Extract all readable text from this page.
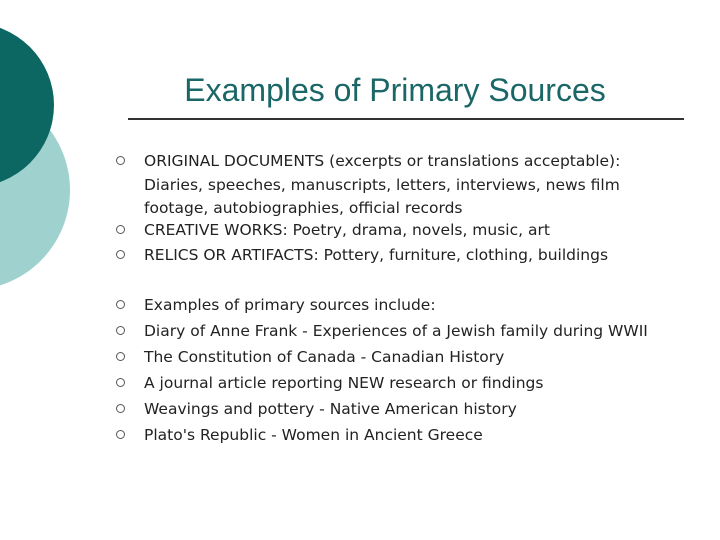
Examples of Primary Sources
ORIGINAL DOCUMENTS (excerpts or translations acceptable):
Diaries, speeches, manuscripts, letters, interviews, news film
footage, autobiographies, official records
CREATIVE WORKS: Poetry, drama, novels, music, art
RELICS OR ARTIFACTS: Pottery, furniture, clothing, buildings
Examples of primary sources include:
Diary of Anne Frank - Experiences of a Jewish family during WWII
The Constitution of Canada - Canadian History
A journal article reporting NEW research or findings
Weavings and pottery - Native American history
Plato's Republic - Women in Ancient Greece
